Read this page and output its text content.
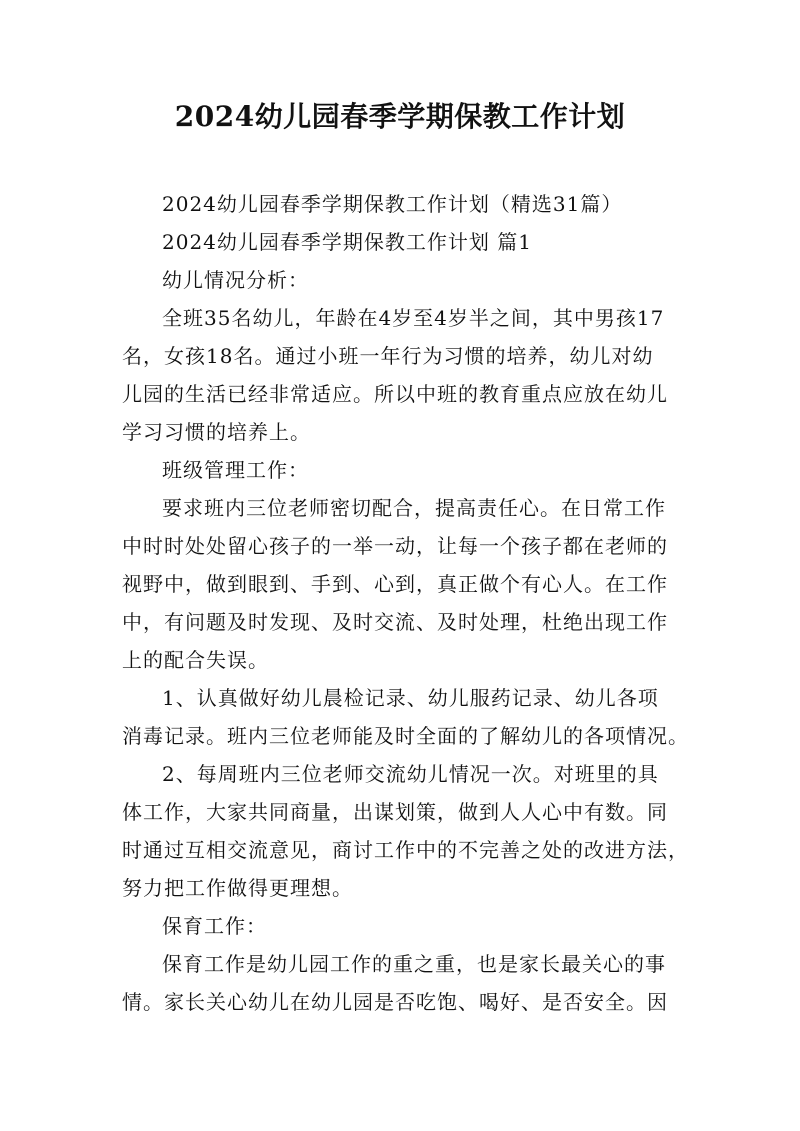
2024幼儿园春季学期保教工作计划
2024幼儿园春季学期保教工作计划（精选31篇）
2024幼儿园春季学期保教工作计划 篇1
幼儿情况分析：
全班35名幼儿，年龄在4岁至4岁半之间，其中男孩17
名，女孩18名。通过小班一年行为习惯的培养，幼儿对幼
儿园的生活已经非常适应。所以中班的教育重点应放在幼儿
学习习惯的培养上。
班级管理工作：
要求班内三位老师密切配合，提高责任心。在日常工作
中时时处处留心孩子的一举一动，让每一个孩子都在老师的
视野中，做到眼到、手到、心到，真正做个有心人。在工作
中，有问题及时发现、及时交流、及时处理，杜绝出现工作
上的配合失误。
1、认真做好幼儿晨检记录、幼儿服药记录、幼儿各项
消毒记录。班内三位老师能及时全面的了解幼儿的各项情况。
2、每周班内三位老师交流幼儿情况一次。对班里的具
体工作，大家共同商量，出谋划策，做到人人心中有数。同
时通过互相交流意见，商讨工作中的不完善之处的改进方法，
努力把工作做得更理想。
保育工作：
保育工作是幼儿园工作的重之重，也是家长最关心的事
情。家长关心幼儿在幼儿园是否吃饱、喝好、是否安全。因
